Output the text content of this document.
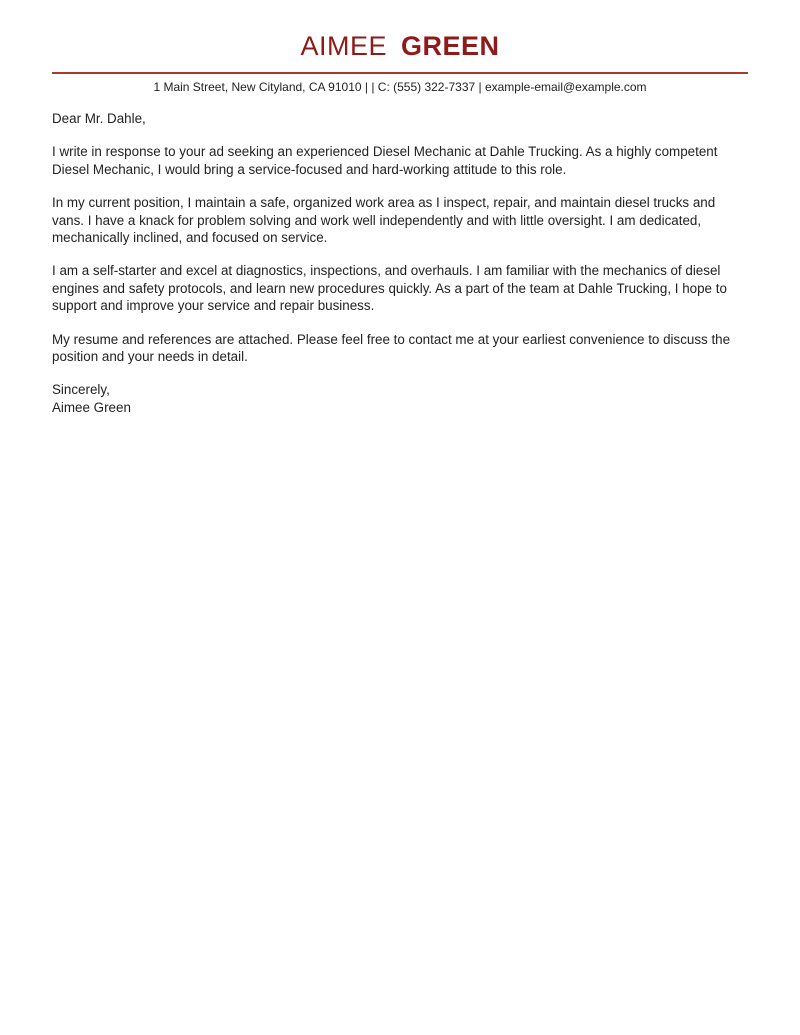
AIMEE GREEN
1 Main Street, New Cityland, CA 91010 | | C: (555) 322-7337 | example-email@example.com

Dear Mr. Dahle,

I write in response to your ad seeking an experienced Diesel Mechanic at Dahle Trucking. As a highly competent Diesel Mechanic, I would bring a service-focused and hard-working attitude to this role.

In my current position, I maintain a safe, organized work area as I inspect, repair, and maintain diesel trucks and vans. I have a knack for problem solving and work well independently and with little oversight. I am dedicated, mechanically inclined, and focused on service.

I am a self-starter and excel at diagnostics, inspections, and overhauls. I am familiar with the mechanics of diesel engines and safety protocols, and learn new procedures quickly. As a part of the team at Dahle Trucking, I hope to support and improve your service and repair business.

My resume and references are attached. Please feel free to contact me at your earliest convenience to discuss the position and your needs in detail.

Sincerely,

Aimee Green
